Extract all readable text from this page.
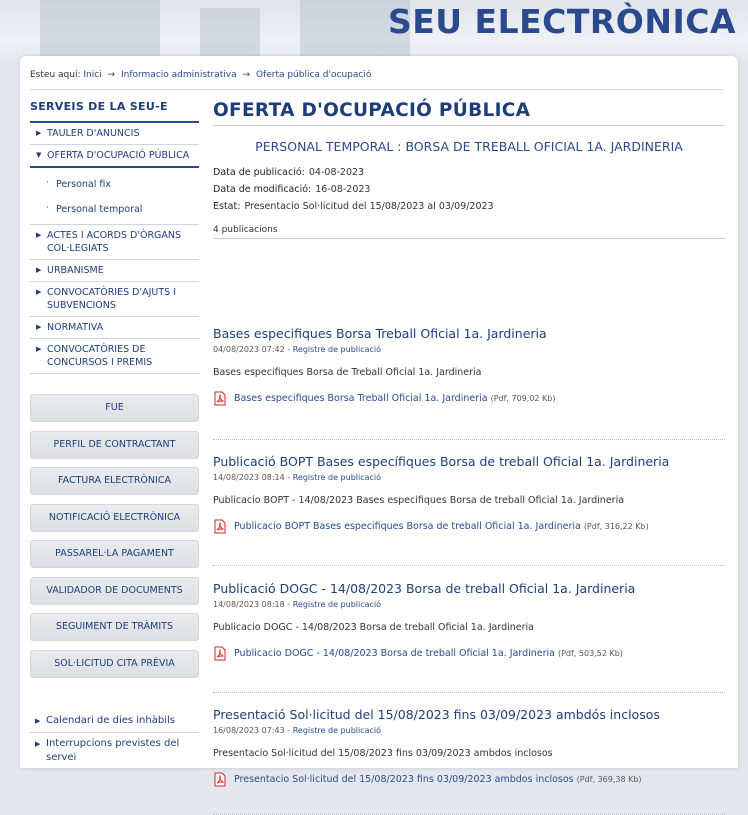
SEU ELECTRÒNICA
Esteu aquí: Inici → Informacio administrativa → Oferta pública d'ocupació
SERVEIS DE LA SEU-E
▶ TAULER D'ANUNCIS
▼ OFERTA D'OCUPACIÓ PÚBLICA
· Personal fix
· Personal temporal
▶ ACTES I ACORDS D'ÒRGANS COL·LEGIATS
▶ URBANISME
▶ CONVOCATÒRIES D'AJUTS I SUBVENCIONS
▶ NORMATIVA
▶ CONVOCATÒRIES DE CONCURSOS I PREMIS
FUE
PERFIL DE CONTRACTANT
FACTURA ELECTRÒNICA
NOTIFICACIÓ ELECTRÒNICA
PASSAREL·LA PAGAMENT
VALIDADOR DE DOCUMENTS
SEGUIMENT DE TRÀMITS
SOL·LICITUD CITA PRÈVIA
▶ Calendari de dies inhàbils
▶ Interrupcions previstes del servei
OFERTA D'OCUPACIÓ PÚBLICA
PERSONAL TEMPORAL : BORSA DE TREBALL OFICIAL 1A. JARDINERIA
Data de publicació: 04-08-2023
Data de modificació: 16-08-2023
Estat: Presentacio Sol·licitud del 15/08/2023 al 03/09/2023
4 publicacions
Bases especifiques Borsa Treball Oficial 1a. Jardineria
04/08/2023 07:42 - Registre de publicació
Bases especifiques Borsa de Treball Oficial 1a. Jardineria
Bases especifiques Borsa Treball Oficial 1a. Jardineria (Pdf, 709,02 Kb)
Publicació BOPT Bases específiques Borsa de treball Oficial 1a. Jardineria
14/08/2023 08:14 - Registre de publicació
Publicacio BOPT - 14/08/2023 Bases especifiques Borsa de treball Oficial 1a. Jardineria
Publicacio BOPT Bases especifiques Borsa de treball Oficial 1a. Jardineria (Pdf, 316,22 Kb)
Publicació DOGC - 14/08/2023 Borsa de treball Oficial 1a. Jardineria
14/08/2023 08:18 - Registre de publicació
Publicacio DOGC - 14/08/2023 Borsa de treball Oficial 1a. Jardineria
Publicacio DOGC - 14/08/2023 Borsa de treball Oficial 1a. Jardineria (Pdf, 503,52 Kb)
Presentació Sol·licitud del 15/08/2023 fins 03/09/2023 ambdós inclosos
16/08/2023 07:43 - Registre de publicació
Presentacio Sol·licitud del 15/08/2023 fins 03/09/2023 ambdos inclosos
Presentacio Sol·licitud del 15/08/2023 fins 03/09/2023 ambdos inclosos (Pdf, 369,38 Kb)
